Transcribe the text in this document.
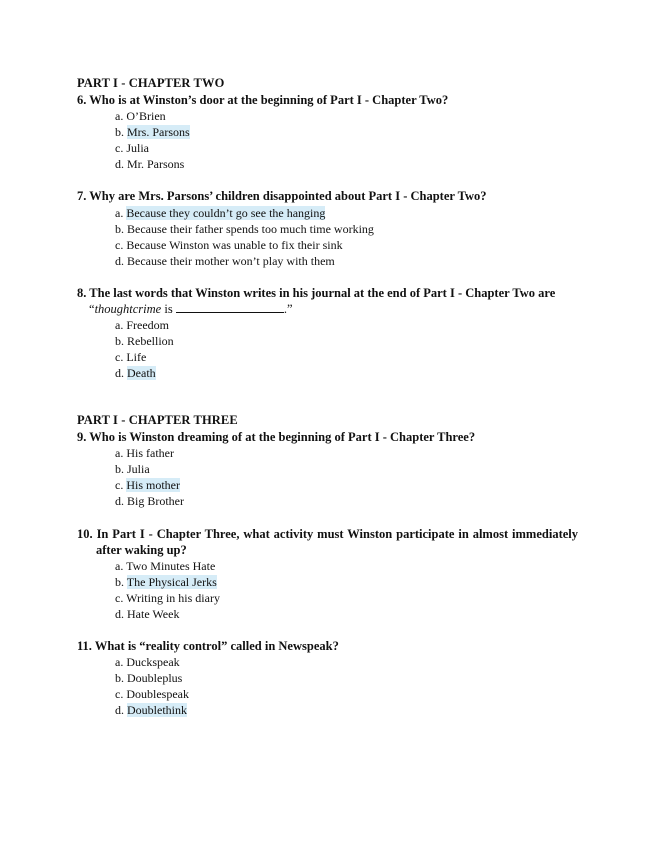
PART I - CHAPTER TWO
6. Who is at Winston’s door at the beginning of Part I - Chapter Two?
a. O’Brien
b. Mrs. Parsons
c. Julia
d. Mr. Parsons
7. Why are Mrs. Parsons’ children disappointed about Part I - Chapter Two?
a. Because they couldn’t go see the hanging
b. Because their father spends too much time working
c. Because Winston was unable to fix their sink
d. Because their mother won’t play with them
8. The last words that Winston writes in his journal at the end of Part I - Chapter Two are
“thoughtcrime is	.”
a. Freedom
b. Rebellion
c. Life
d. Death
PART I - CHAPTER THREE
9. Who is Winston dreaming of at the beginning of Part I - Chapter Three?
a. His father
b. Julia
c. His mother
d. Big Brother
10. In Part I - Chapter Three, what activity must Winston participate in almost immediately after waking up?
a. Two Minutes Hate
b. The Physical Jerks
c. Writing in his diary
d. Hate Week
11. What is “reality control” called in Newspeak?
a. Duckspeak
b. Doubleplus
c. Doublespeak
d. Doublethink
